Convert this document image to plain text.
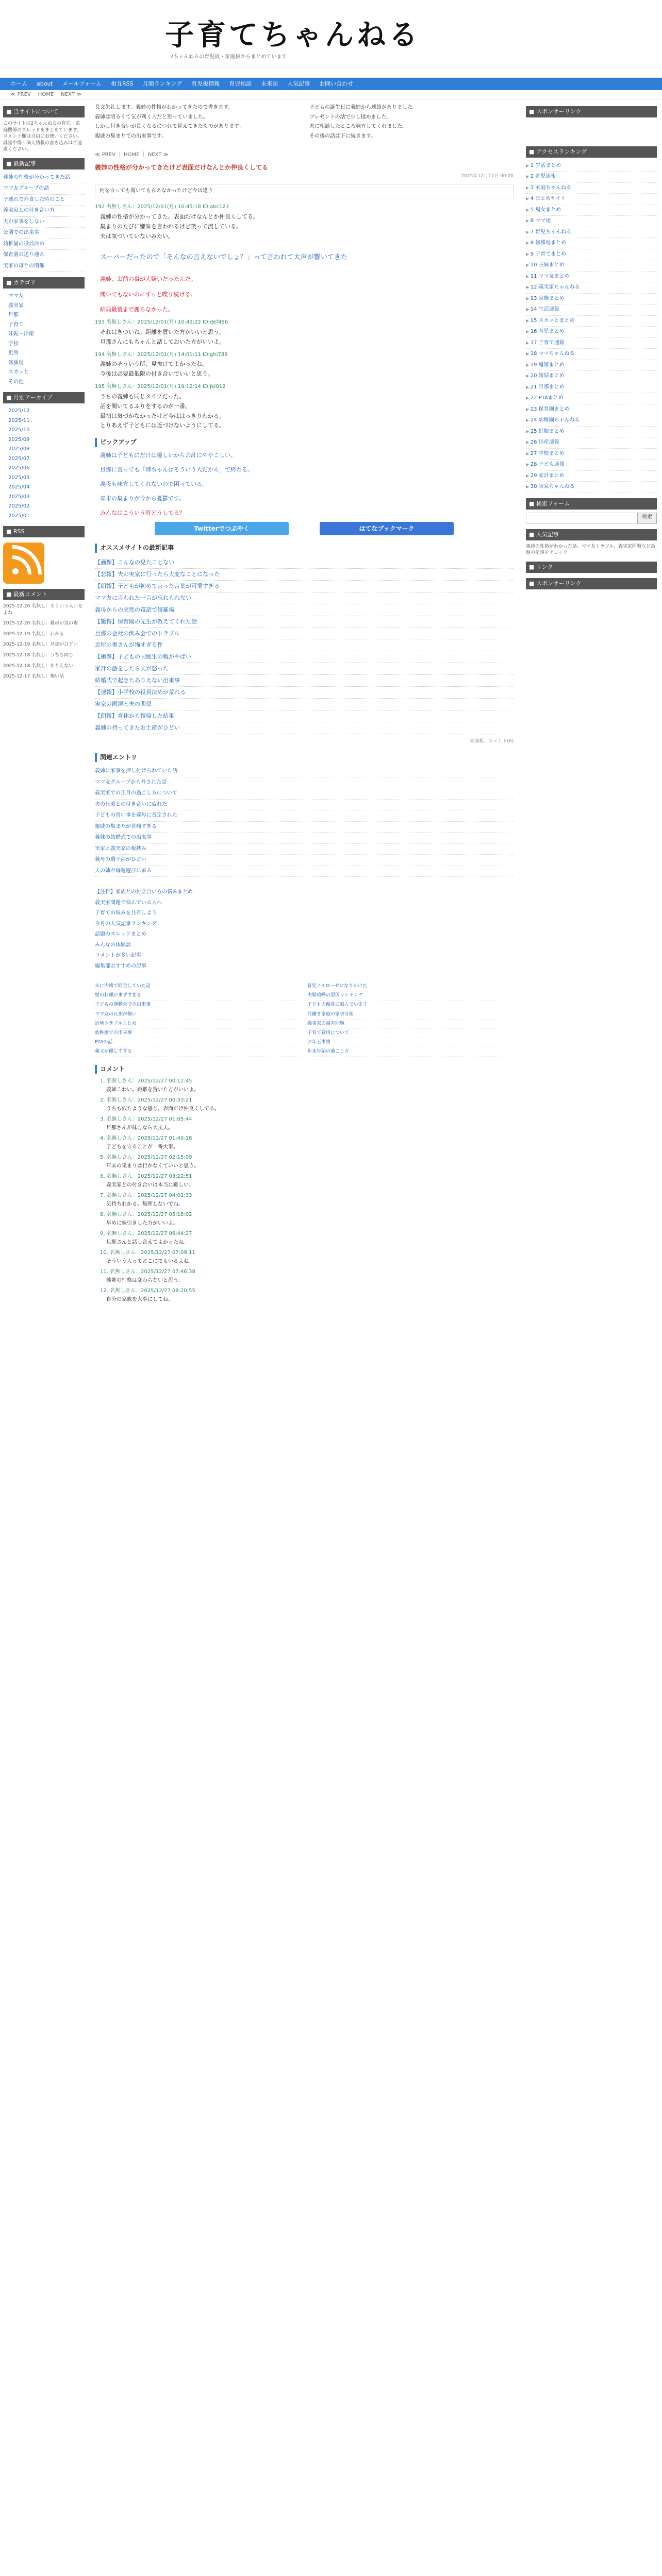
子育てちゃんねる
2ちゃんねるの育児板・家庭板からまとめています
ホーム about メールフォーム 相互RSS 月間ランキング 育児板情報 育児相談 未来図 人気記事 お問い合わせ
≪ PREV HOME NEXT ≫
■ 当サイトについて
このサイトは2ちゃんねるの育児・家庭関係のスレッドをまとめています。コメント欄は自由にお使いください。誹謗中傷・個人情報の書き込みはご遠慮ください。
■ 最新記事
義姉の性格が分かってきた話
ママ友グループの話
子連れで外食した時のこと
義実家との付き合い方
夫が家事をしない
公園での出来事
幼稚園の役員決め
保育園の送り迎え
実家の母との関係
■ カテゴリ
ママ友
義実家
旦那
子育て
妊娠・出産
学校
近所
修羅場
スカッと
その他
■ 月別アーカイブ
2025/12
2025/11
2025/10
2025/09
2025/08
2025/07
2025/06
2025/05
2025/04
2025/03
2025/02
2025/01
■ RSS
■ 最新コメント
2025-12-20 名無し：そういう人いるよね
2025-12-20 名無し：義母が気の毒
2025-12-19 名無し：わかる
2025-12-19 名無し：旦那がひどい
2025-12-18 名無し：うちも同じ
2025-12-18 名無し：ありえない
2025-12-17 名無し：怖い話

長文失礼します。義姉の性格がわかってきたので書きます。

義姉は明るくて気が利く人だと思っていました。

しかし付き合いが長くなるにつれて見えてきたものがあります。

親戚の集まりでの出来事です。

子どもの誕生日に義姉から連絡がありました。

プレゼントの話で少し揉めました。

夫に相談したところ味方してくれました。

その後の話は下に続きます。

≪ PREV ｜ HOME ｜ NEXT ≫
義姉の性格が分かってきたけど表面だけなんとか仲良くしてる
2025年12月27日 00:00
何を言っても聞いてもらえなかったけど今は違う
192 名無しさん：2025/12/01(月) 10:45:18 ID:abc123
義姉の性格が分かってきた。表面だけなんとか仲良くしてる。
集まりのたびに嫌味を言われるけど笑って流している。
夫は気づいていないみたい。
スーパーだったので「そんなの言えないでしょ？」って言われて大声が響いてきた
義姉、お前の事が大嫌いだったんだ。
聞いてもないのにずっと喋り続ける。
結局最後まで謝らなかった。
193 名無しさん：2025/12/01(月) 10:49:22 ID:def456
それはきついね。距離を置いた方がいいと思う。
旦那さんにもちゃんと話しておいた方がいいよ。
194 名無しさん：2025/12/01(月) 14:01:11 ID:ghi789
義姉のそういう所、見抜けてよかったね。
今後は必要最低限の付き合いでいいと思う。
195 名無しさん：2025/12/01(月) 19:12:14 ID:jkl012
うちの義姉も同じタイプだった。
話を聞いてるふりをするのが一番。
最初は気づかなかったけど今ははっきりわかる。
とりあえず子どもには近づけないようにしてる。
ピックアップ
義姉は子どもにだけは優しいから余計にややこしい。
旦那に言っても「姉ちゃんはそういう人だから」で終わる。
義母も味方してくれないので困っている。
年末の集まりが今から憂鬱です。
みんなはこういう時どうしてる？
Twitterでつぶやく	はてなブックマーク
オススメサイトの最新記事
【画像】こんなの見たことない
【悲報】夫の実家に行ったら大変なことになった
【朗報】子どもが初めて言った言葉が可愛すぎる
ママ友に言われた一言が忘れられない
義母からの突然の電話で修羅場
【驚愕】保育園の先生が教えてくれた話
旦那の会社の飲み会でのトラブル
近所の奥さんが怖すぎる件
【衝撃】子どもの同級生の親がやばい
家計の話をしたら夫が怒った
結婚式で起きたありえない出来事
【速報】小学校の役員決めが荒れる
実家の両親と夫の関係
【朗報】育休から復帰した結果
義姉の持ってきたお土産がひどい
家庭板｜コメント(6)
関連エントリ
義姉に家事を押し付けられていた話
ママ友グループから外された話
義実家での正月の過ごし方について
夫の兄弟との付き合いに疲れた
子どもの習い事を義母に否定された
親戚の集まりが苦痛すぎる
義妹の結婚式での出来事
実家と義実家の板挟み
義母の過干渉がひどい
夫の姉が毎週遊びに来る
【注目】家族との付き合い方の悩みまとめ
義実家問題で悩んでいる人へ
子育ての悩みを共有しよう
今月の人気記事ランキング
話題のスレッドまとめ
みんなの体験談
コメントが多い記事
編集部おすすめの記事
夫に内緒で貯金していた話
姑の料理がまずすぎる
子どもの運動会での出来事
ママ友の旦那が怖い
近所トラブルまとめ
幼稚園での出来事
PTAの話
義父が優しすぎる
育児ノイローゼになりかけた
夫婦喧嘩の原因ランキング
子どもの偏食に悩んでいます
共働き家庭の家事分担
義実家の帰省問題
子育て費用について
お年玉事情
年末年始の過ごし方
コメント
1. 名無しさん：2025/12/27 00:12:45
義姉こわい。距離を置いた方がいいよ。
2. 名無しさん：2025/12/27 00:33:21
うちも似たような感じ。表面だけ仲良くしてる。
3. 名無しさん：2025/12/27 01:05:44
旦那さんが味方なら大丈夫。
4. 名無しさん：2025/12/27 01:40:18
子どもを守ることが一番大事。
5. 名無しさん：2025/12/27 02:15:09
年末の集まりは行かなくていいと思う。
6. 名無しさん：2025/12/27 03:22:51
義実家との付き合いは本当に難しい。
7. 名無しさん：2025/12/27 04:01:33
気持ちわかる。無理しないでね。
8. 名無しさん：2025/12/27 05:18:02
早めに線引きした方がいいよ。
9. 名無しさん：2025/12/27 06:44:27
旦那さんと話し合えてよかったね。
10. 名無しさん：2025/12/27 07:09:11
そういう人ってどこにでもいるよね。
11. 名無しさん：2025/12/27 07:46:38
義姉の性格は変わらないと思う。
12. 名無しさん：2025/12/27 08:20:55
自分の家族を大事にしてね。
■ スポンサーリンク
■ アクセスランキング
▶ 1 生活まとめ
▶ 2 育児速報
▶ 3 家庭ちゃんねる
▶ 4 まとめサイト
▶ 5 鬼女まとめ
▶ 6 ママ速
▶ 7 育児ちゃんねる
▶ 8 修羅場まとめ
▶ 9 子育てまとめ
▶ 10 主婦まとめ
▶ 11 ママ友まとめ
▶ 12 義実家ちゃんねる
▶ 13 家族まとめ
▶ 14 生活速報
▶ 15 スカッとまとめ
▶ 16 育児まとめ
▶ 17 子育て速報
▶ 18 ママちゃんねる
▶ 19 鬼嫁まとめ
▶ 20 嫁姑まとめ
▶ 21 旦那まとめ
▶ 22 PTAまとめ
▶ 23 保育園まとめ
▶ 24 幼稚園ちゃんねる
▶ 25 妊娠まとめ
▶ 26 出産速報
▶ 27 学校まとめ
▶ 28 子ども速報
▶ 29 家計まとめ
▶ 30 実家ちゃんねる
■ 検索フォーム
検索
■ 人気記事
義姉の性格がわかった話、ママ友トラブル、義実家問題など話題の記事をチェック
■ リンク
■ スポンサーリンク
